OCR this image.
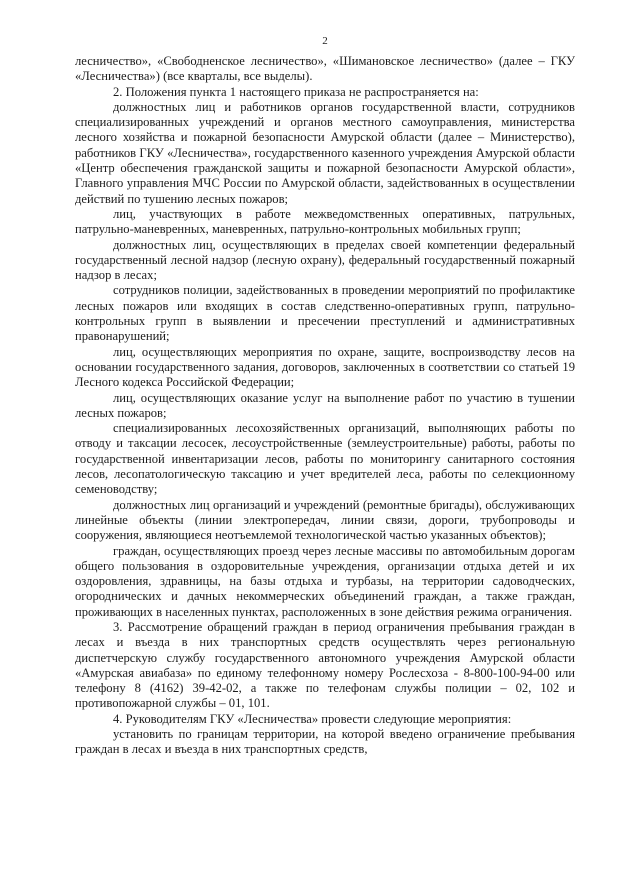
2

лесничество», «Свободненское лесничество», «Шимановское лесничество» (далее – ГКУ «Лесничества») (все кварталы, все выделы).

2. Положения пункта 1 настоящего приказа не распространяется на:

должностных лиц и работников органов государственной власти, сотрудников специализированных учреждений и органов местного самоуправления, министерства лесного хозяйства и пожарной безопасности Амурской области (далее – Министерство), работников ГКУ «Лесничества», государственного казенного учреждения Амурской области «Центр обеспечения гражданской защиты и пожарной безопасности Амурской области», Главного управления МЧС России по Амурской области, задействованных в осуществлении действий по тушению лесных пожаров;

лиц, участвующих в работе межведомственных оперативных, патрульных, патрульно-маневренных, маневренных, патрульно-контрольных мобильных групп;

должностных лиц, осуществляющих в пределах своей компетенции федеральный государственный лесной надзор (лесную охрану), федеральный государственный пожарный надзор в лесах;

сотрудников полиции, задействованных в проведении мероприятий по профилактике лесных пожаров или входящих в состав следственно-оперативных групп, патрульно-контрольных групп в выявлении и пресечении преступлений и административных правонарушений;

лиц, осуществляющих мероприятия по охране, защите, воспроизводству лесов на основании государственного задания, договоров, заключенных в соответствии со статьей 19 Лесного кодекса Российской Федерации;

лиц, осуществляющих оказание услуг на выполнение работ по участию в тушении лесных пожаров;

специализированных лесохозяйственных организаций, выполняющих работы по отводу и таксации лесосек, лесоустройственные (землеустроительные) работы, работы по государственной инвентаризации лесов, работы по мониторингу санитарного состояния лесов, лесопатологическую таксацию и учет вредителей леса, работы по селекционному семеноводству;

должностных лиц организаций и учреждений (ремонтные бригады), обслуживающих линейные объекты (линии электропередач, линии связи, дороги, трубопроводы и сооружения, являющиеся неотъемлемой технологической частью указанных объектов);

граждан, осуществляющих проезд через лесные массивы по автомобильным дорогам общего пользования в оздоровительные учреждения, организации отдыха детей и их оздоровления, здравницы, на базы отдыха и турбазы, на территории садоводческих, огороднических и дачных некоммерческих объединений граждан, а также граждан, проживающих в населенных пунктах, расположенных в зоне действия режима ограничения.

3. Рассмотрение обращений граждан в период ограничения пребывания граждан в лесах и въезда в них транспортных средств осуществлять через региональную диспетчерскую службу государственного автономного учреждения Амурской области «Амурская авиабаза» по единому телефонному номеру Рослесхоза - 8-800-100-94-00 или телефону 8 (4162) 39-42-02, а также по телефонам службы полиции – 02, 102 и противопожарной службы – 01, 101.

4. Руководителям ГКУ «Лесничества» провести следующие мероприятия:

установить по границам территории, на которой введено ограничение пребывания граждан в лесах и въезда в них транспортных средств,
